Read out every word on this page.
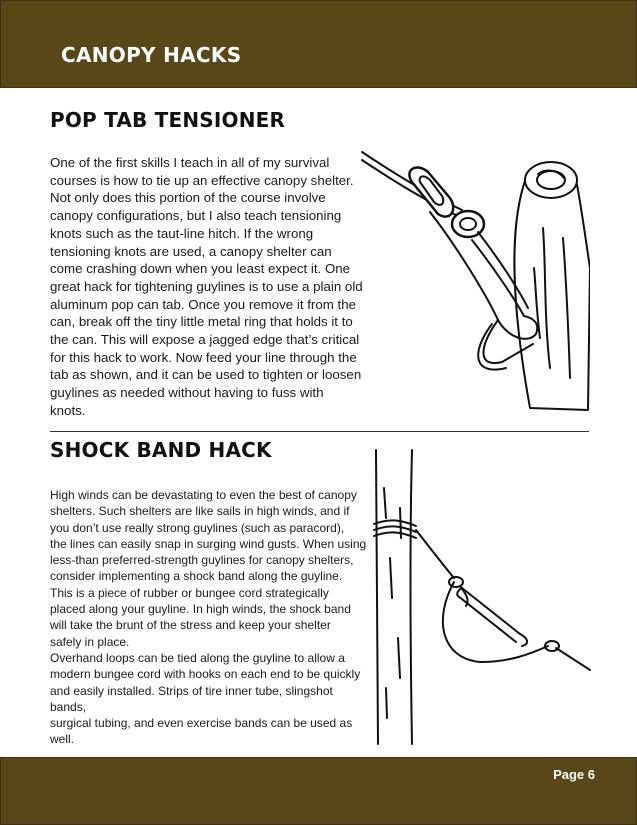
CANOPY HACKS
POP TAB TENSIONER
One of the first skills I teach in all of my survival
courses is how to tie up an effective canopy shelter.
Not only does this portion of the course involve
canopy configurations, but I also teach tensioning
knots such as the taut-line hitch. If the wrong
tensioning knots are used, a canopy shelter can
come crashing down when you least expect it. One
great hack for tightening guylines is to use a plain old
aluminum pop can tab. Once you remove it from the
can, break off the tiny little metal ring that holds it to
the can. This will expose a jagged edge that’s critical
for this hack to work. Now feed your line through the
tab as shown, and it can be used to tighten or loosen
guylines as needed without having to fuss with
knots.
SHOCK BAND HACK
High winds can be devastating to even the best of canopy
shelters. Such shelters are like sails in high winds, and if
you don’t use really strong guylines (such as paracord),
the lines can easily snap in surging wind gusts. When using
less-than preferred-strength guylines for canopy shelters,
consider implementing a shock band along the guyline.
This is a piece of rubber or bungee cord strategically
placed along your guyline. In high winds, the shock band
will take the brunt of the stress and keep your shelter
safely in place.
Overhand loops can be tied along the guyline to allow a
modern bungee cord with hooks on each end to be quickly
and easily installed. Strips of tire inner tube, slingshot
bands,
surgical tubing, and even exercise bands can be used as
well.
Page 6
